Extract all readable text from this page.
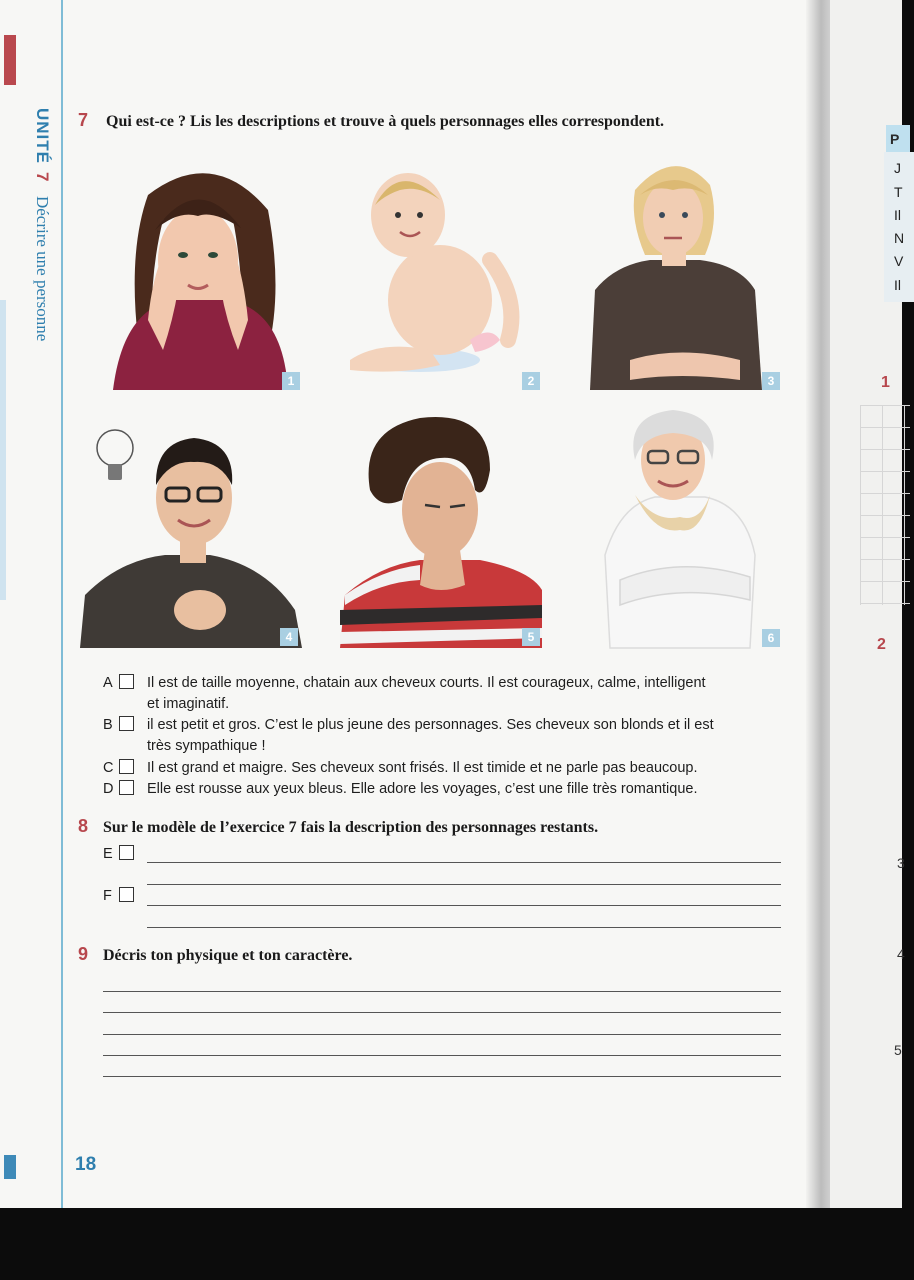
P
J
T
Il
N
V
Il
1
2
3
4
5
UNITÉ 7 Décrire une personne
7 Qui est-ce ? Lis les descriptions et trouve à quels personnages elles correspondent.
1	2	3
4	5	6
A Il est de taille moyenne, chatain aux cheveux courts. Il est courageux, calme, intelligent
et imaginatif.
B il est petit et gros. C’est le plus jeune des personnages. Ses cheveux son blonds et il est
très sympathique !
C Il est grand et maigre. Ses cheveux sont frisés. Il est timide et ne parle pas beaucoup.
D Elle est rousse aux yeux bleus. Elle adore les voyages, c’est une fille très romantique.
8 Sur le modèle de l’exercice 7 fais la description des personnages restants.
E
F
9 Décris ton physique et ton caractère.
18
